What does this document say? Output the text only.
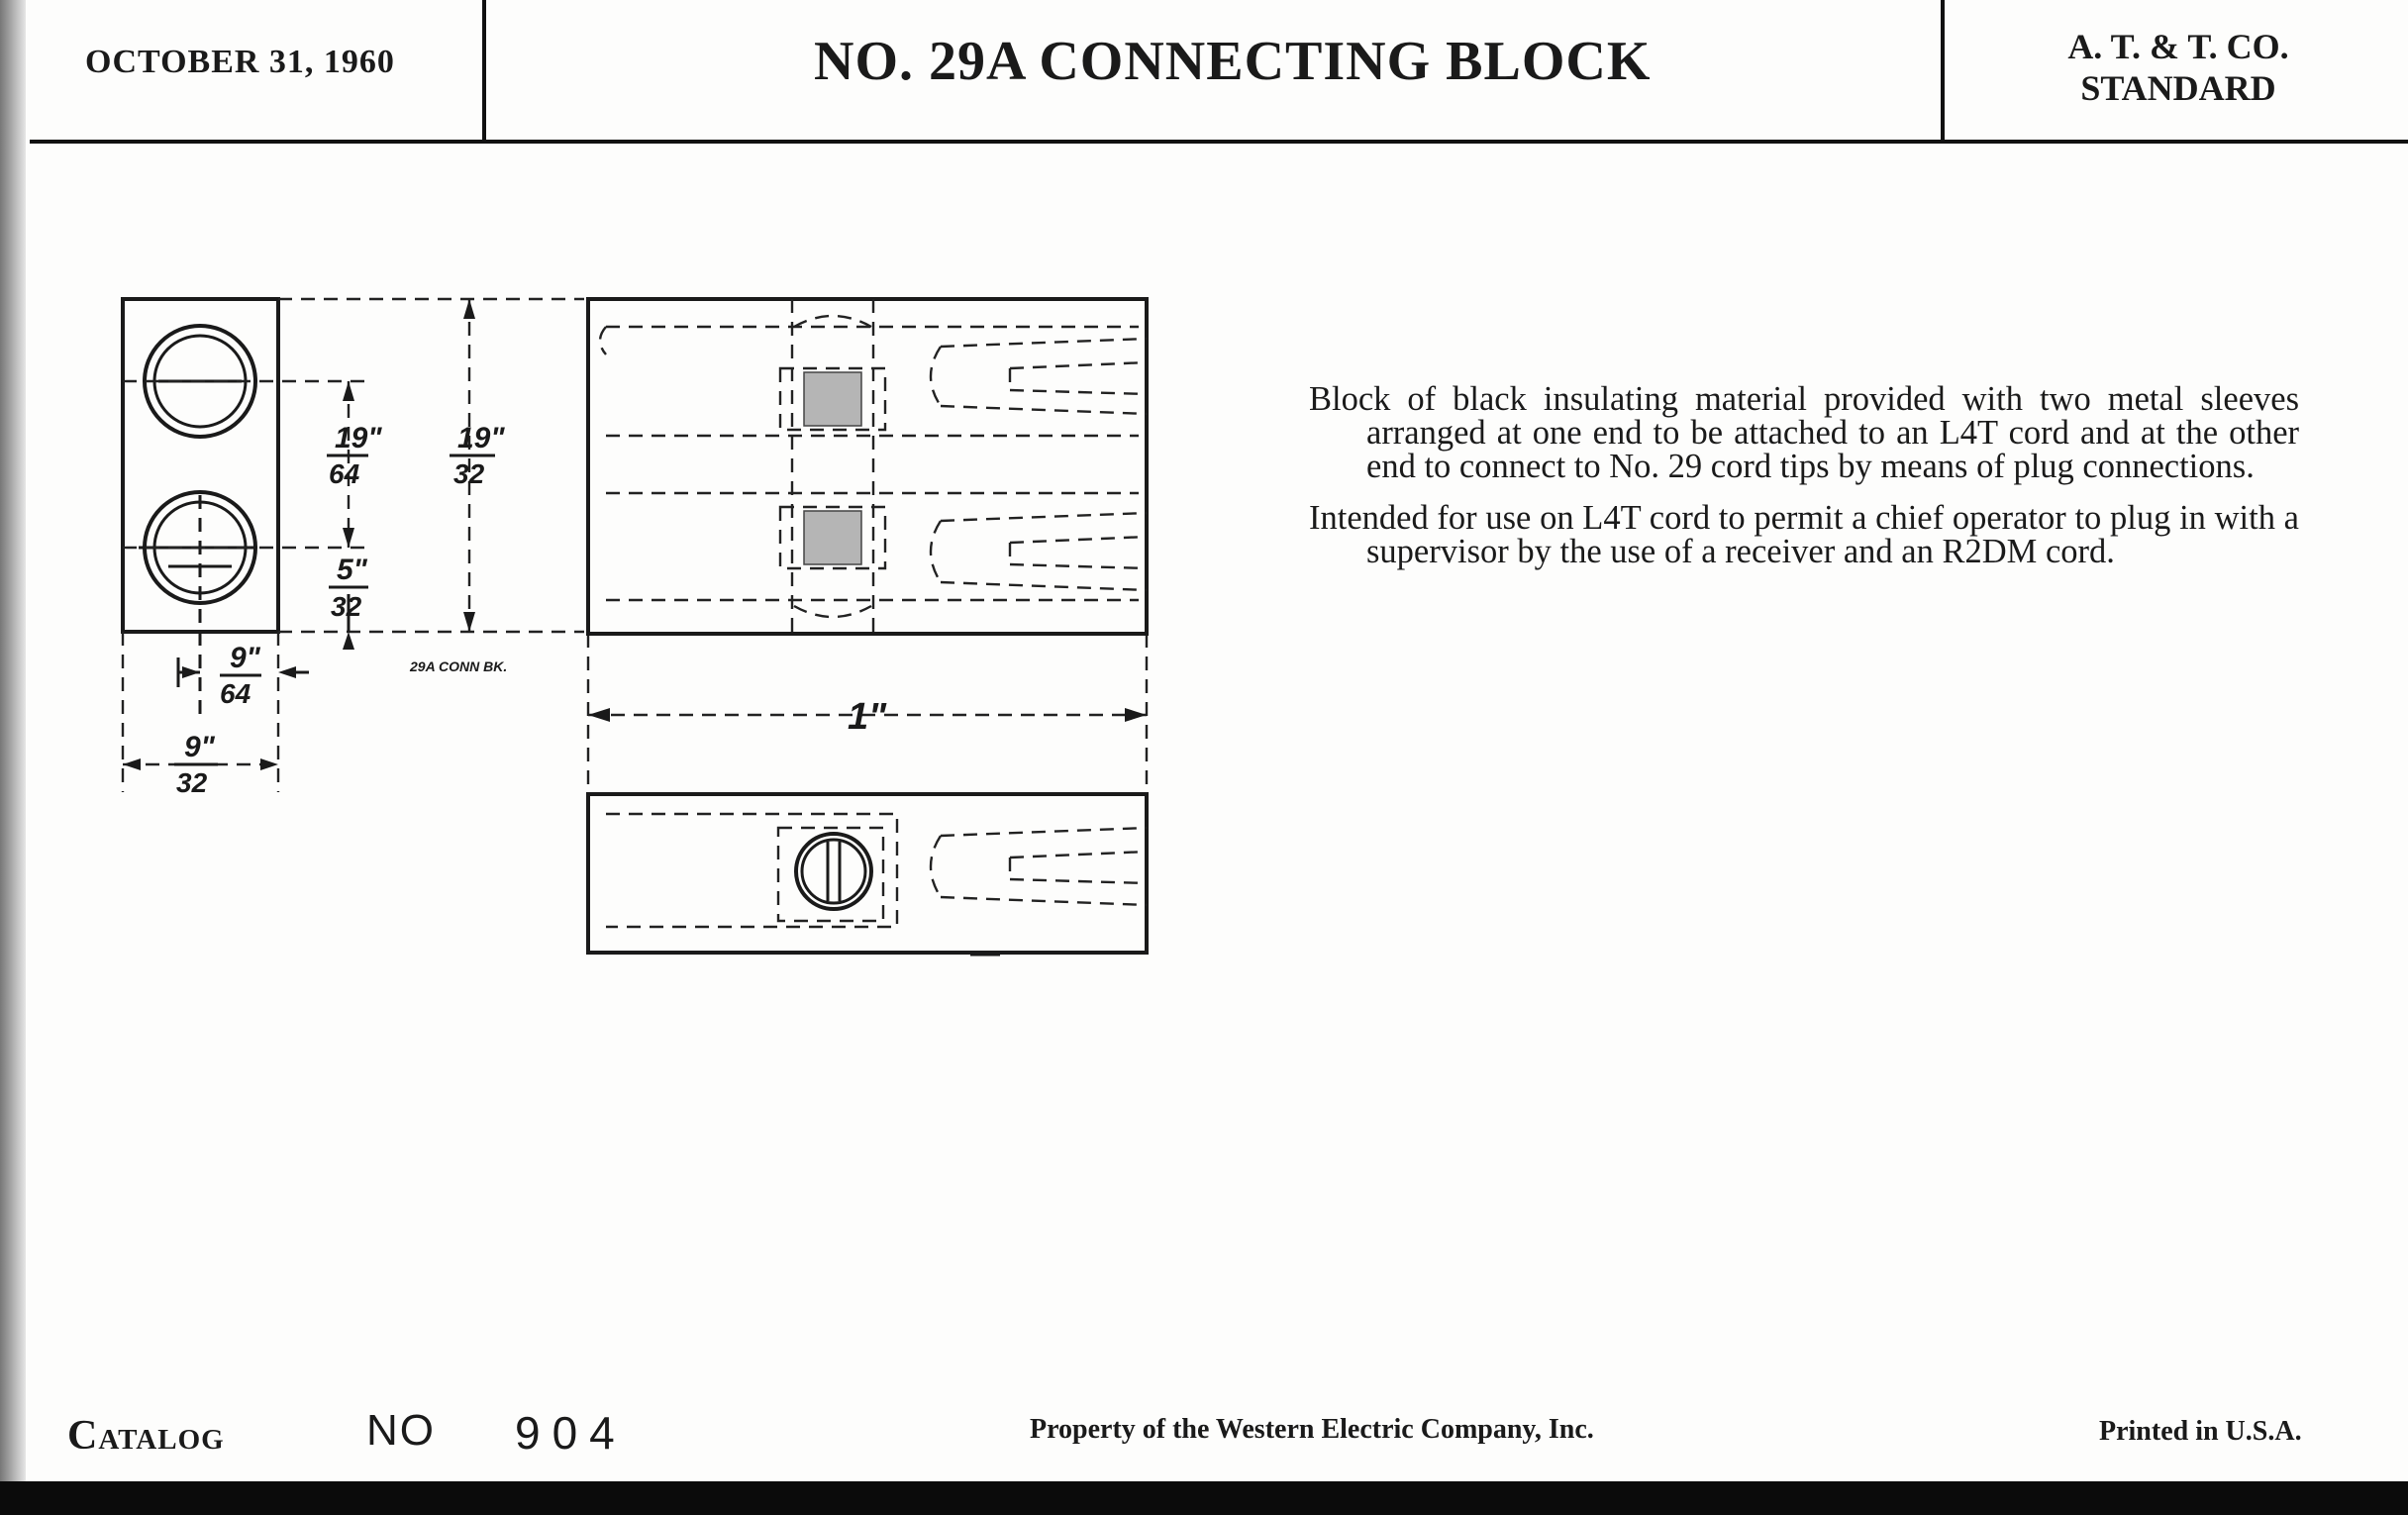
OCTOBER 31, 1960	NO. 29A CONNECTING BLOCK	A. T. & T. CO.
STANDARD
19"
64
19"
32
5"
32
9"
64
9"
32
1"
29A CONN BK.

Block of black insulating material provided with two metal sleeves arranged at one end to be attached to an L4T cord and at the other end to connect to No. 29 cord tips by means of plug connections.

Intended for use on L4T cord to permit a chief operator to plug in with a supervisor by the use of a receiver and an R2DM cord.

Catalog	NO 904	Property of the Western Electric Company, Inc.	Printed in U.S.A.
